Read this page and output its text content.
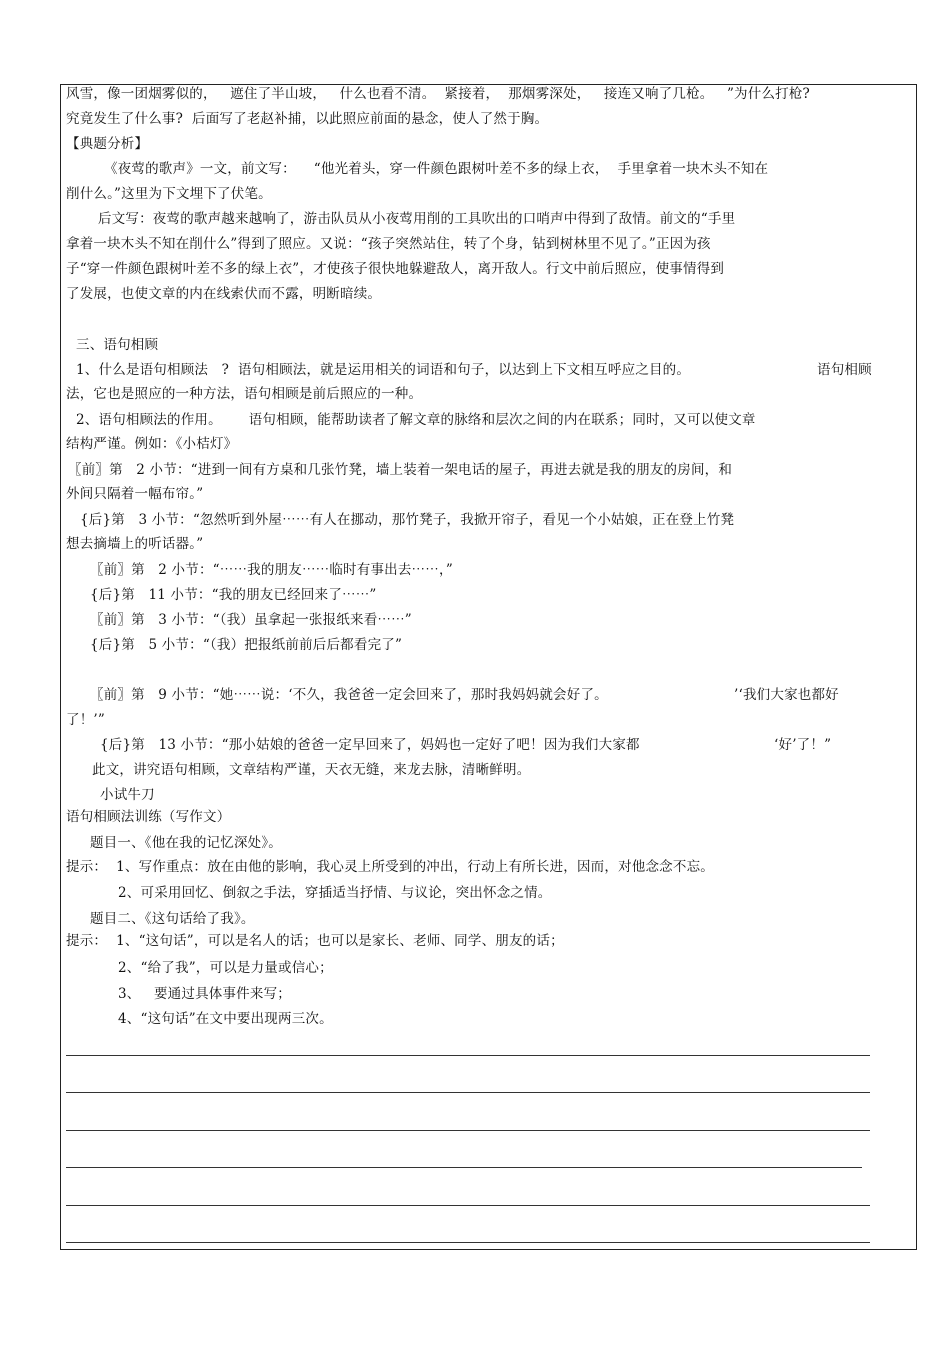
风雪，像一团烟雾似的，   遮住了半山坡，   什么也看不清。  紧接着，  那烟雾深处，   接连又响了几枪。   ”为什么打枪?
究竟发生了什么事?  后面写了老赵补捕，以此照应前面的悬念，使人了然于胸。
【典题分析】
《夜莺的歌声》一文，前文写：    “他光着头，穿一件颜色跟树叶差不多的绿上衣，  手里拿着一块木头不知在
削什么。”这里为下文埋下了伏笔。
后文写：夜莺的歌声越来越响了，游击队员从小夜莺用削的工具吹出的口哨声中得到了敌情。前文的“手里
拿着一块木头不知在削什么”得到了照应。又说：“孩子突然站住，转了个身，钻到树林里不见了。”正因为孩
子“穿一件颜色跟树叶差不多的绿上衣”，才使孩子很快地躲避敌人，离开敌人。行文中前后照应，使事情得到
了发展，也使文章的内在线索伏而不露，明断暗续。
三、语句相顾
1、什么是语句相顾法   ?  语句相顾法，就是运用相关的词语和句子，以达到上下文相互呼应之目的。	语句相顾
法，它也是照应的一种方法，语句相顾是前后照应的一种。
2、语句相顾法的作用。      语句相顾，能帮助读者了解文章的脉络和层次之间的内在联系；同时，又可以使文章
结构严谨。例如：《小桔灯》
〖前〗第   2 小节：“进到一间有方桌和几张竹凳，墙上装着一架电话的屋子，再进去就是我的朋友的房间，和
外间只隔着一幅布帘。”
{后}第   3 小节：“忽然听到外屋⋯⋯有人在挪动，那竹凳子，我掀开帘子，看见一个小姑娘，正在登上竹凳
想去摘墙上的听话器。”
〖前〗第   2 小节：“⋯⋯我的朋友⋯⋯临时有事出去⋯⋯，”
{后}第   11 小节：“我的朋友已经回来了⋯⋯”
〖前〗第   3 小节：“（我）虽拿起一张报纸来看⋯⋯”
{后}第   5 小节：“（我）把报纸前前后后都看完了”
〖前〗第   9 小节：“她⋯⋯说：‘不久，我爸爸一定会回来了，那时我妈妈就会好了。	’‘我们大家也都好
了！’”
{后}第   13 小节：“那小姑娘的爸爸一定早回来了，妈妈也一定好了吧！因为我们大家都	‘好’了！”
此文，讲究语句相顾，文章结构严谨，天衣无缝，来龙去脉，清晰鲜明。
小试牛刀
语句相顾法训练（写作文）
题目一、《他在我的记忆深处》。
提示：  1、写作重点：放在由他的影响，我心灵上所受到的冲出，行动上有所长进，因而，对他念念不忘。
2、可采用回忆、倒叙之手法，穿插适当抒情、与议论，突出怀念之情。
题目二、《这句话给了我》。
提示：  1、“这句话”，可以是名人的话；也可以是家长、老师、同学、朋友的话；
2、“给了我”，可以是力量或信心；
3、   要通过具体事件来写；
4、“这句话”在文中要出现两三次。
